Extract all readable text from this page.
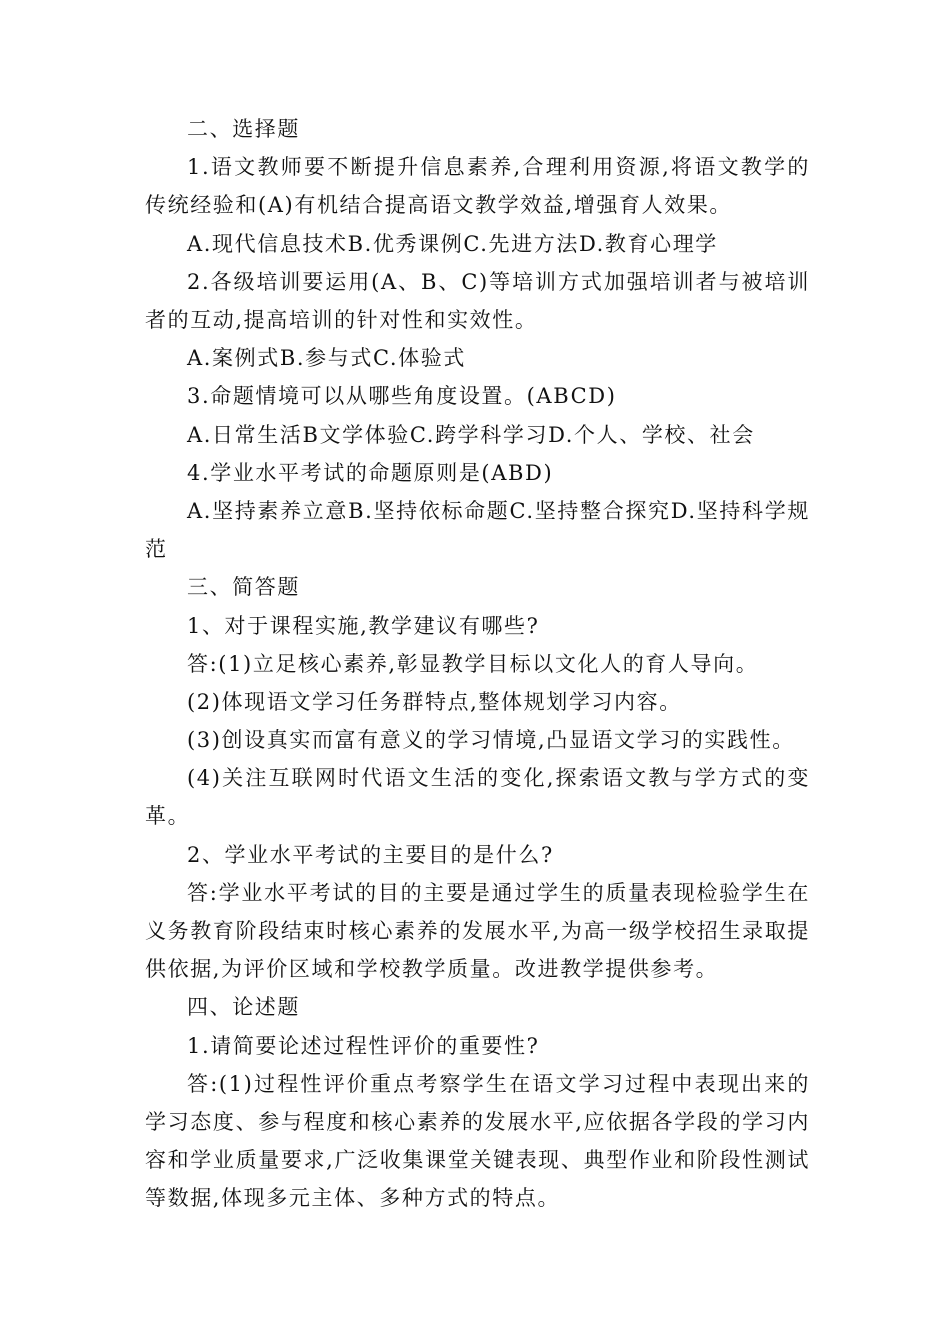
二、选择题
1.语文教师要不断提升信息素养,合理利用资源,将语文教学的传统经验和(A)有机结合提高语文教学效益,增强育人效果。
A.现代信息技术B.优秀课例C.先进方法D.教育心理学
2.各级培训要运用(A、B、C)等培训方式加强培训者与被培训者的互动,提高培训的针对性和实效性。
A.案例式B.参与式C.体验式
3.命题情境可以从哪些角度设置。(ABCD)
A.日常生活B文学体验C.跨学科学习D.个人、学校、社会
4.学业水平考试的命题原则是(ABD)
A.坚持素养立意B.坚持依标命题C.坚持整合探究D.坚持科学规范
三、简答题
1、对于课程实施,教学建议有哪些?
答:(1)立足核心素养,彰显教学目标以文化人的育人导向。
(2)体现语文学习任务群特点,整体规划学习内容。
(3)创设真实而富有意义的学习情境,凸显语文学习的实践性。
(4)关注互联网时代语文生活的变化,探索语文教与学方式的变革。
2、学业水平考试的主要目的是什么?
答:学业水平考试的目的主要是通过学生的质量表现检验学生在义务教育阶段结束时核心素养的发展水平,为高一级学校招生录取提供依据,为评价区域和学校教学质量。改进教学提供参考。
四、论述题
1.请简要论述过程性评价的重要性?
答:(1)过程性评价重点考察学生在语文学习过程中表现出来的学习态度、参与程度和核心素养的发展水平,应依据各学段的学习内容和学业质量要求,广泛收集课堂关键表现、典型作业和阶段性测试等数据,体现多元主体、多种方式的特点。
